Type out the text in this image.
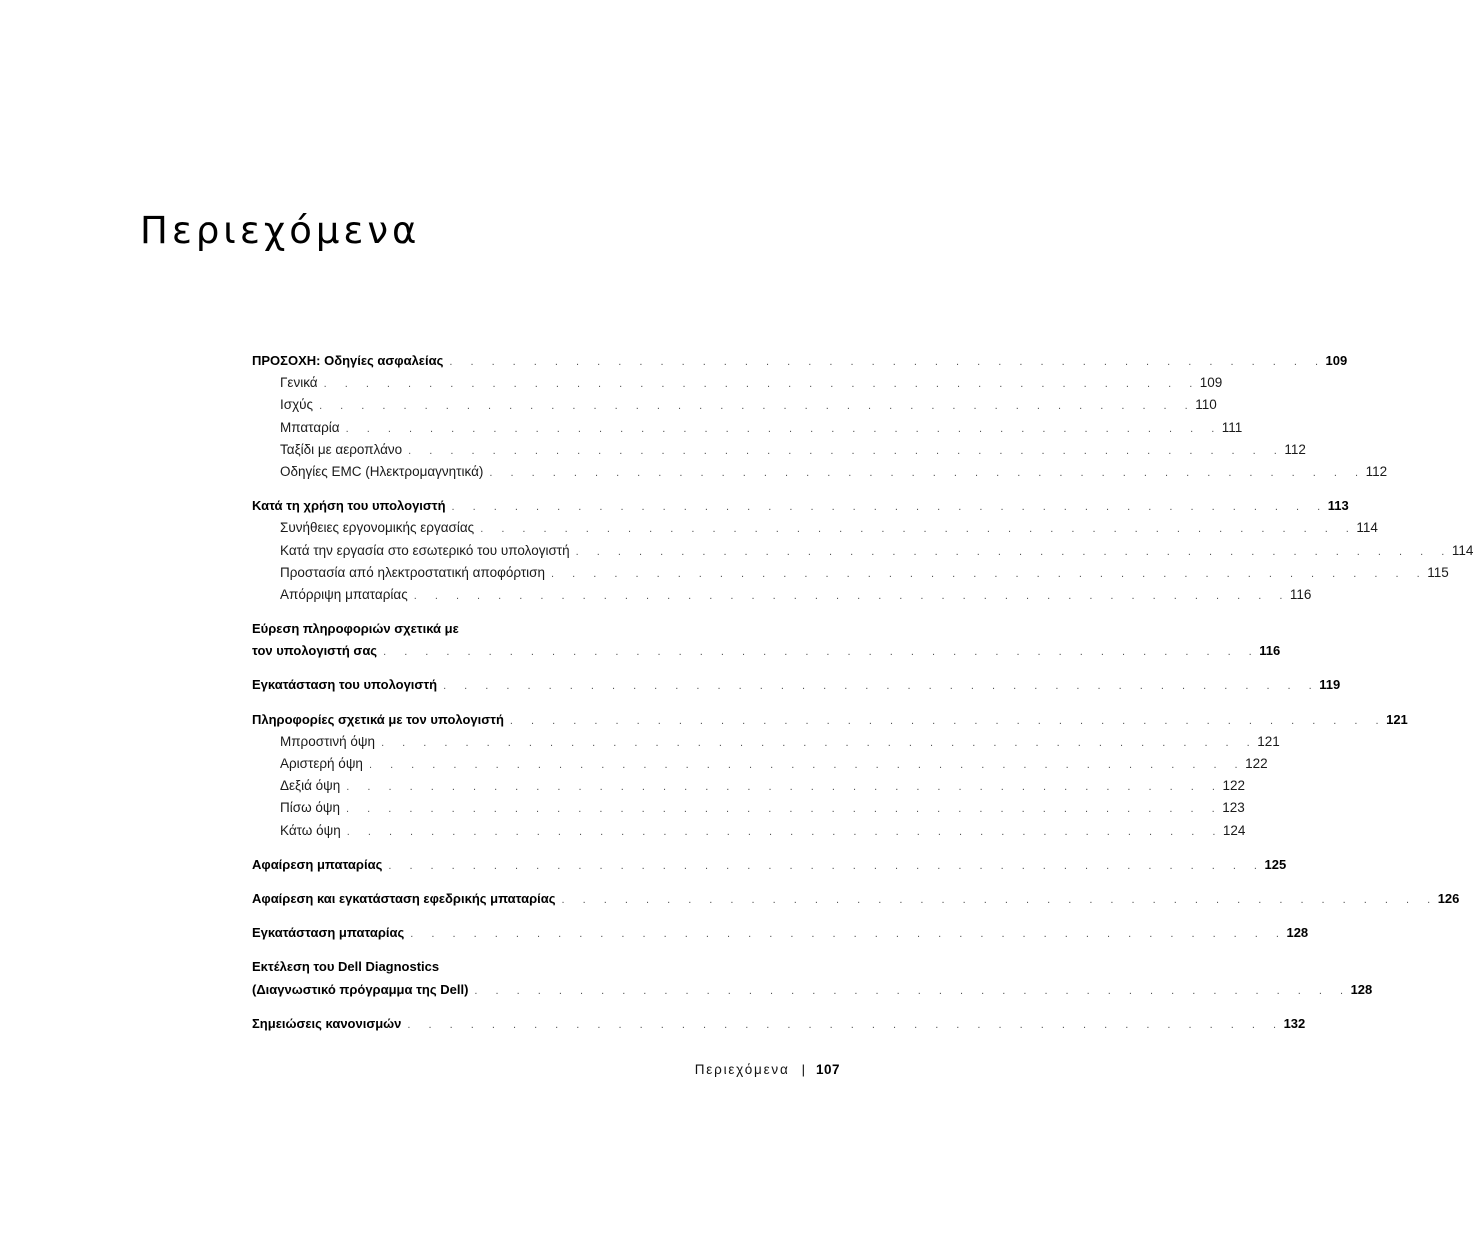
Περιεχόμενα
ΠΡΟΣΟΧΗ: Οδηγίες ασφαλείας . . . . . . . . . . . . . . . . . . . . . . . . . . . . . . . . . . . . . . . . . . 109
Γενικά . . . . . . . . . . . . . . . . . . . . . . . . . . . . . . . . . . . . . . . . . . 109
Ισχύς . . . . . . . . . . . . . . . . . . . . . . . . . . . . . . . . . . . . . . . . . . 110
Μπαταρία . . . . . . . . . . . . . . . . . . . . . . . . . . . . . . . . . . . . . . . . . . 111
Ταξίδι με αεροπλάνο . . . . . . . . . . . . . . . . . . . . . . . . . . . . . . . . . . . . . . . . . . 112
Οδηγίες EMC (Ηλεκτρομαγνητικά) . . . . . . . . . . . . . . . . . . . . . . . . . . . . . . . . . . . . . . . . . . 112
Κατά τη χρήση του υπολογιστή . . . . . . . . . . . . . . . . . . . . . . . . . . . . . . . . . . . . . . . . . . 113
Συνήθειες εργονομικής εργασίας . . . . . . . . . . . . . . . . . . . . . . . . . . . . . . . . . . . . . . . . . . 114
Κατά την εργασία στο εσωτερικό του υπολογιστή . . . . . . . . . . . . . . . . . . . . . . . . . . . . . . . . . . . . . . . . . . 114
Προστασία από ηλεκτροστατική αποφόρτιση . . . . . . . . . . . . . . . . . . . . . . . . . . . . . . . . . . . . . . . . . . 115
Απόρριψη μπαταρίας . . . . . . . . . . . . . . . . . . . . . . . . . . . . . . . . . . . . . . . . . . 116
Εύρεση πληροφοριών σχετικά με
τον υπολογιστή σας . . . . . . . . . . . . . . . . . . . . . . . . . . . . . . . . . . . . . . . . . . 116
Εγκατάσταση του υπολογιστή . . . . . . . . . . . . . . . . . . . . . . . . . . . . . . . . . . . . . . . . . . 119
Πληροφορίες σχετικά με τον υπολογιστή . . . . . . . . . . . . . . . . . . . . . . . . . . . . . . . . . . . . . . . . . . 121
Μπροστινή όψη . . . . . . . . . . . . . . . . . . . . . . . . . . . . . . . . . . . . . . . . . . 121
Αριστερή όψη . . . . . . . . . . . . . . . . . . . . . . . . . . . . . . . . . . . . . . . . . . 122
Δεξιά όψη . . . . . . . . . . . . . . . . . . . . . . . . . . . . . . . . . . . . . . . . . . 122
Πίσω όψη . . . . . . . . . . . . . . . . . . . . . . . . . . . . . . . . . . . . . . . . . . 123
Κάτω όψη . . . . . . . . . . . . . . . . . . . . . . . . . . . . . . . . . . . . . . . . . . 124
Αφαίρεση μπαταρίας . . . . . . . . . . . . . . . . . . . . . . . . . . . . . . . . . . . . . . . . . . 125
Αφαίρεση και εγκατάσταση εφεδρικής μπαταρίας . . . . . . . . . . . . . . . . . . . . . . . . . . . . . . . . . . . . . . . . . . 126
Εγκατάσταση μπαταρίας . . . . . . . . . . . . . . . . . . . . . . . . . . . . . . . . . . . . . . . . . . 128
Εκτέλεση του Dell Diagnostics
(Διαγνωστικό πρόγραμμα της Dell) . . . . . . . . . . . . . . . . . . . . . . . . . . . . . . . . . . . . . . . . . . 128
Σημειώσεις κανονισμών . . . . . . . . . . . . . . . . . . . . . . . . . . . . . . . . . . . . . . . . . . 132
Περιεχόμενα | 107
